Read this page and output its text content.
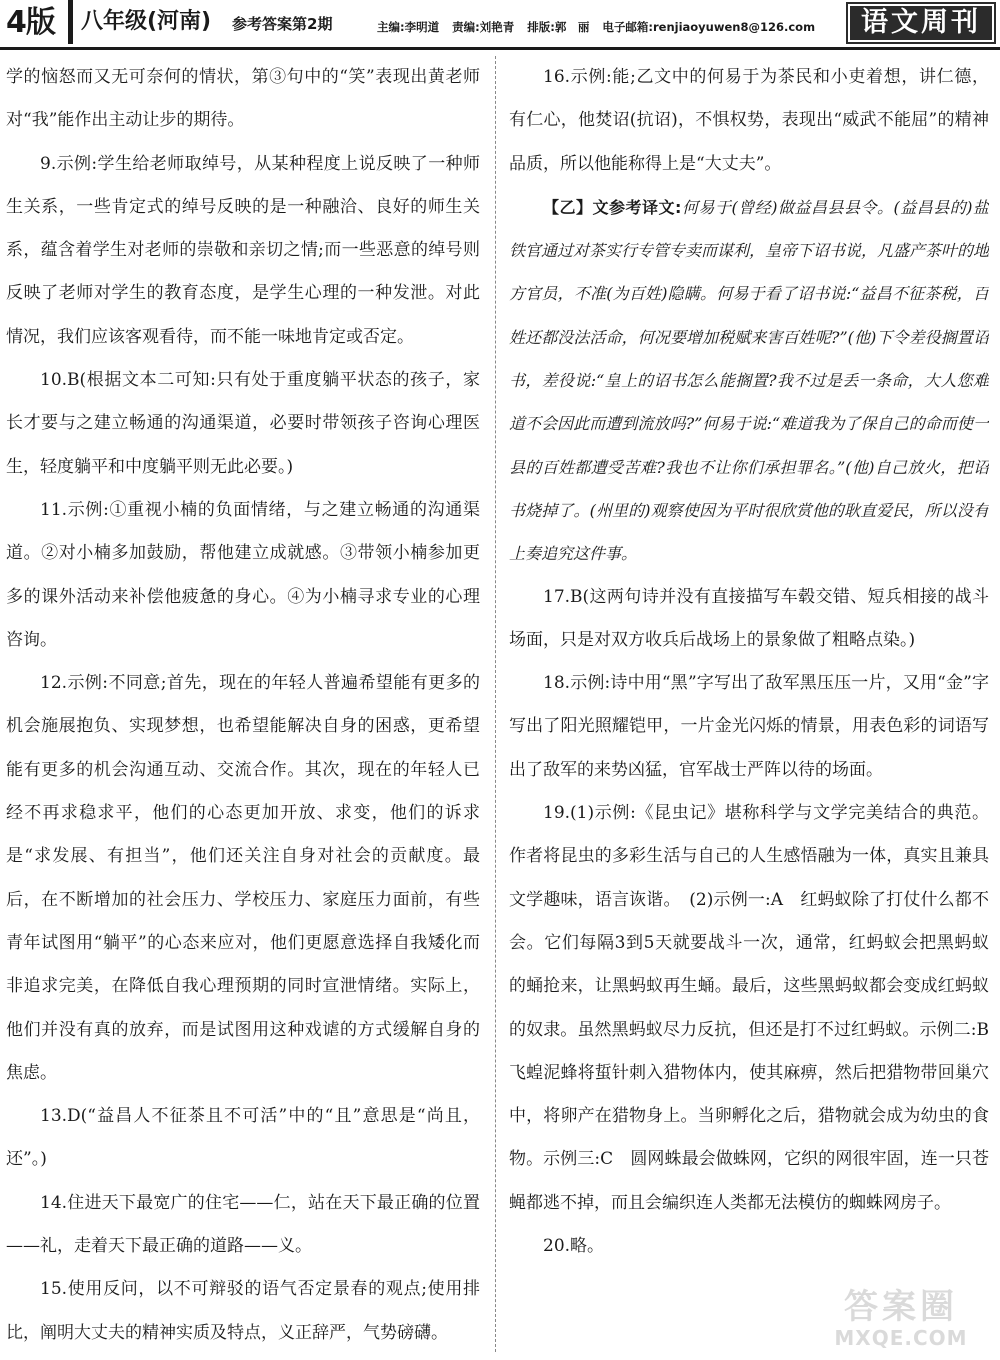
4版	八年级(河南)	参考答案第2期	主编:李明道 责编:刘艳青 排版:郭　丽 电子邮箱:renjiaoyuwen8@126.com	语文周刊

学的恼怒而又无可奈何的情状，第③句中的“笑”表现出黄老师对“我”能作出主动让步的期待。

9.示例:学生给老师取绰号，从某种程度上说反映了一种师生关系，一些肯定式的绰号反映的是一种融洽、良好的师生关系，蕴含着学生对老师的崇敬和亲切之情;而一些恶意的绰号则反映了老师对学生的教育态度，是学生心理的一种发泄。对此情况，我们应该客观看待，而不能一味地肯定或否定。

10.B(根据文本二可知:只有处于重度躺平状态的孩子，家长才要与之建立畅通的沟通渠道，必要时带领孩子咨询心理医生，轻度躺平和中度躺平则无此必要。)

11.示例:①重视小楠的负面情绪，与之建立畅通的沟通渠道。②对小楠多加鼓励，帮他建立成就感。③带领小楠参加更多的课外活动来补偿他疲惫的身心。④为小楠寻求专业的心理咨询。

12.示例:不同意;首先，现在的年轻人普遍希望能有更多的机会施展抱负、实现梦想，也希望能解决自身的困惑，更希望能有更多的机会沟通互动、交流合作。其次，现在的年轻人已经不再求稳求平，他们的心态更加开放、求变，他们的诉求是“求发展、有担当”，他们还关注自身对社会的贡献度。最后，在不断增加的社会压力、学校压力、家庭压力面前，有些青年试图用“躺平”的心态来应对，他们更愿意选择自我矮化而非追求完美，在降低自我心理预期的同时宣泄情绪。实际上，他们并没有真的放弃，而是试图用这种戏谑的方式缓解自身的焦虑。

13.D(“益昌人不征茶且不可活”中的“且”意思是“尚且，还”。)

14.住进天下最宽广的住宅——仁，站在天下最正确的位置——礼，走着天下最正确的道路——义。

15.使用反问，以不可辩驳的语气否定景春的观点;使用排比，阐明大丈夫的精神实质及特点，义正辞严，气势磅礴。

16.示例:能;乙文中的何易于为茶民和小吏着想，讲仁德，有仁心，他焚诏(抗诏)，不惧权势，表现出“威武不能屈”的精神品质，所以他能称得上是“大丈夫”。

【乙】文参考译文:何易于(曾经)做益昌县县令。(益昌县的)盐铁官通过对茶实行专管专卖而谋利，皇帝下诏书说，凡盛产茶叶的地方官员，不准(为百姓)隐瞒。何易于看了诏书说:“益昌不征茶税，百姓还都没法活命，何况要增加税赋来害百姓呢?”(他)下令差役搁置诏书，差役说:“皇上的诏书怎么能搁置?我不过是丢一条命，大人您难道不会因此而遭到流放吗?”何易于说:“难道我为了保自己的命而使一县的百姓都遭受苦难?我也不让你们承担罪名。”(他)自己放火，把诏书烧掉了。(州里的)观察使因为平时很欣赏他的耿直爱民，所以没有上奏追究这件事。

17.B(这两句诗并没有直接描写车毂交错、短兵相接的战斗场面，只是对双方收兵后战场上的景象做了粗略点染。)

18.示例:诗中用“黑”字写出了敌军黑压压一片，又用“金”字写出了阳光照耀铠甲，一片金光闪烁的情景，用表色彩的词语写出了敌军的来势凶猛，官军战士严阵以待的场面。

19.(1)示例:《昆虫记》堪称科学与文学完美结合的典范。作者将昆虫的多彩生活与自己的人生感悟融为一体，真实且兼具文学趣味，语言诙谐。　(2)示例一:A　红蚂蚁除了打仗什么都不会。它们每隔3到5天就要战斗一次，通常，红蚂蚁会把黑蚂蚁的蛹抢来，让黑蚂蚁再生蛹。最后，这些黑蚂蚁都会变成红蚂蚁的奴隶。虽然黑蚂蚁尽力反抗，但还是打不过红蚂蚁。示例二:B　飞蝗泥蜂将蜇针刺入猎物体内，使其麻痹，然后把猎物带回巢穴中，将卵产在猎物身上。当卵孵化之后，猎物就会成为幼虫的食物。示例三:C　圆网蛛最会做蛛网，它织的网很牢固，连一只苍蝇都逃不掉，而且会编织连人类都无法模仿的蜘蛛网房子。

20.略。

答案圈
MXQE.COM
